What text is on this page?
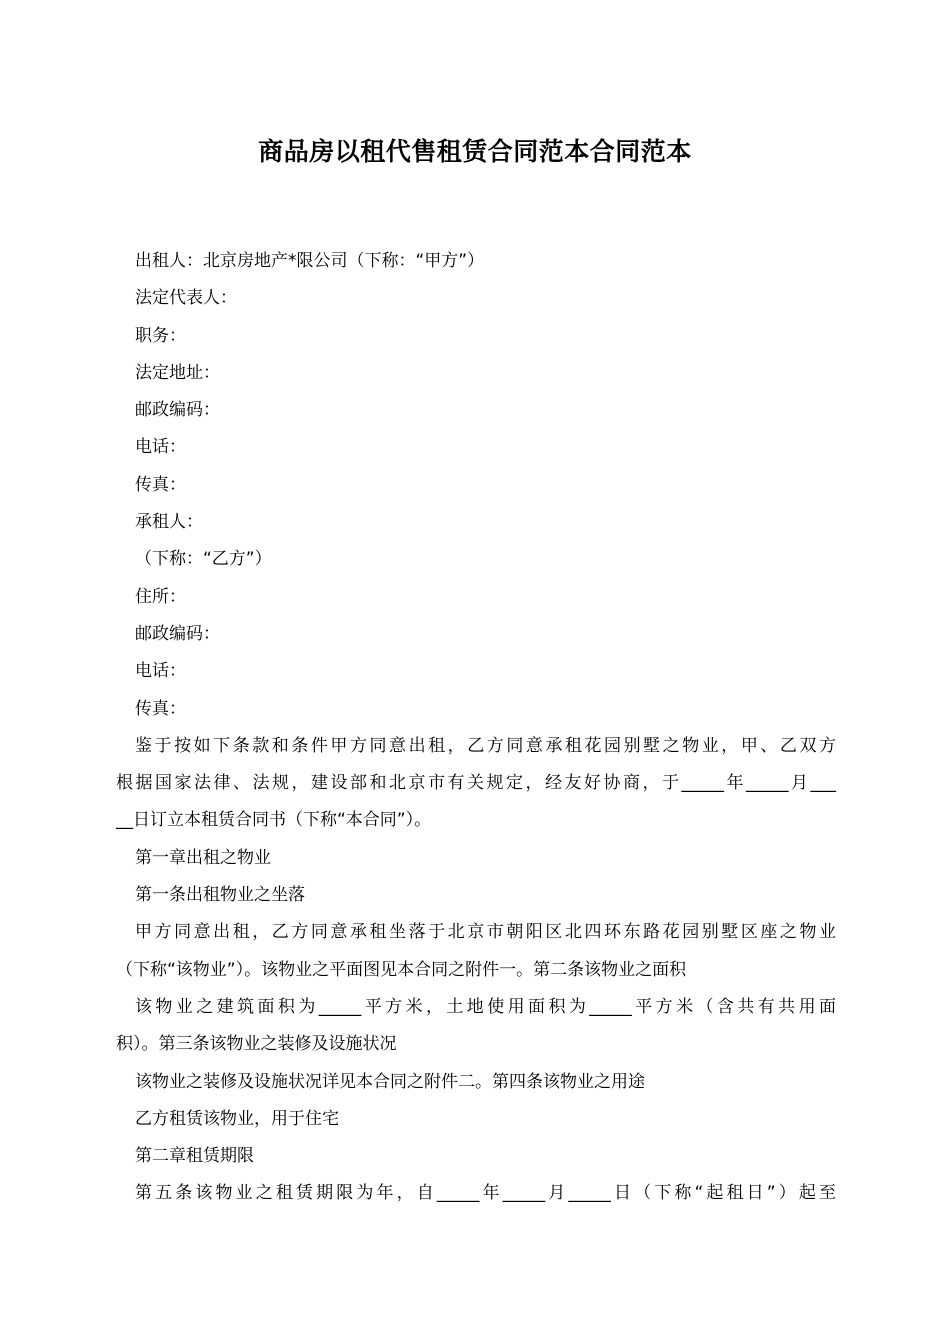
商品房以租代售租赁合同范本合同范本
出租人：北京房地产*限公司（下称：“甲方”）
法定代表人：
职务：
法定地址：
邮政编码：
电话：
传真：
承租人：
（下称：“乙方”）
住所：
邮政编码：
电话：
传真：
鉴于按如下条款和条件甲方同意出租，乙方同意承租花园别墅之物业，甲、乙双方
根据国家法律、法规，建设部和北京市有关规定，经友好协商，于_____年_____月___
__日订立本租赁合同书（下称“本合同”）。
第一章出租之物业
第一条出租物业之坐落
甲方同意出租，乙方同意承租坐落于北京市朝阳区北四环东路花园别墅区座之物业
（下称“该物业”）。该物业之平面图见本合同之附件一。第二条该物业之面积
该物业之建筑面积为_____平方米，土地使用面积为_____平方米（含共有共用面
积）。第三条该物业之装修及设施状况
该物业之装修及设施状况详见本合同之附件二。第四条该物业之用途
乙方租赁该物业，用于住宅
第二章租赁期限
第五条该物业之租赁期限为年，自_____年_____月_____日（下称“起租日”）起至
